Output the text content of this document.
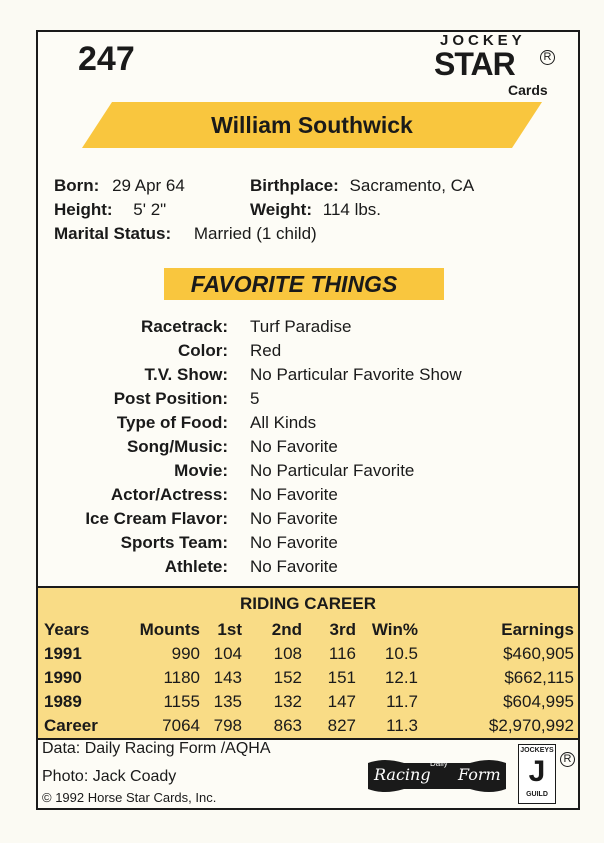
247	JOCKEY
STAR	R
Cards
William Southwick
Born: 29 Apr 64	Birthplace: Sacramento, CA
Height: 5' 2"	Weight: 114 lbs.
Marital Status: Married (1 child)
FAVORITE THINGS
Racetrack: Turf Paradise
Color: Red
T.V. Show: No Particular Favorite Show
Post Position: 5
Type of Food: All Kinds
Song/Music: No Favorite
Movie: No Particular Favorite
Actor/Actress: No Favorite
Ice Cream Flavor: No Favorite
Sports Team: No Favorite
Athlete: No Favorite
RIDING CAREER
Years	Mounts	1st	2nd	3rd	Win%	Earnings
1991	990	104	108	116	10.5	$460,905
1990	1180	143	152	151	12.1	$662,115
1989	1155	135	132	147	11.7	$604,995
Career	7064	798	863	827	11.3	$2,970,992
Data: Daily Racing Form /AQHA
Photo: Jack Coady
© 1992 Horse Star Cards, Inc.
Racing
Daily
Form
JOCKEYS
J
GUILD
R
